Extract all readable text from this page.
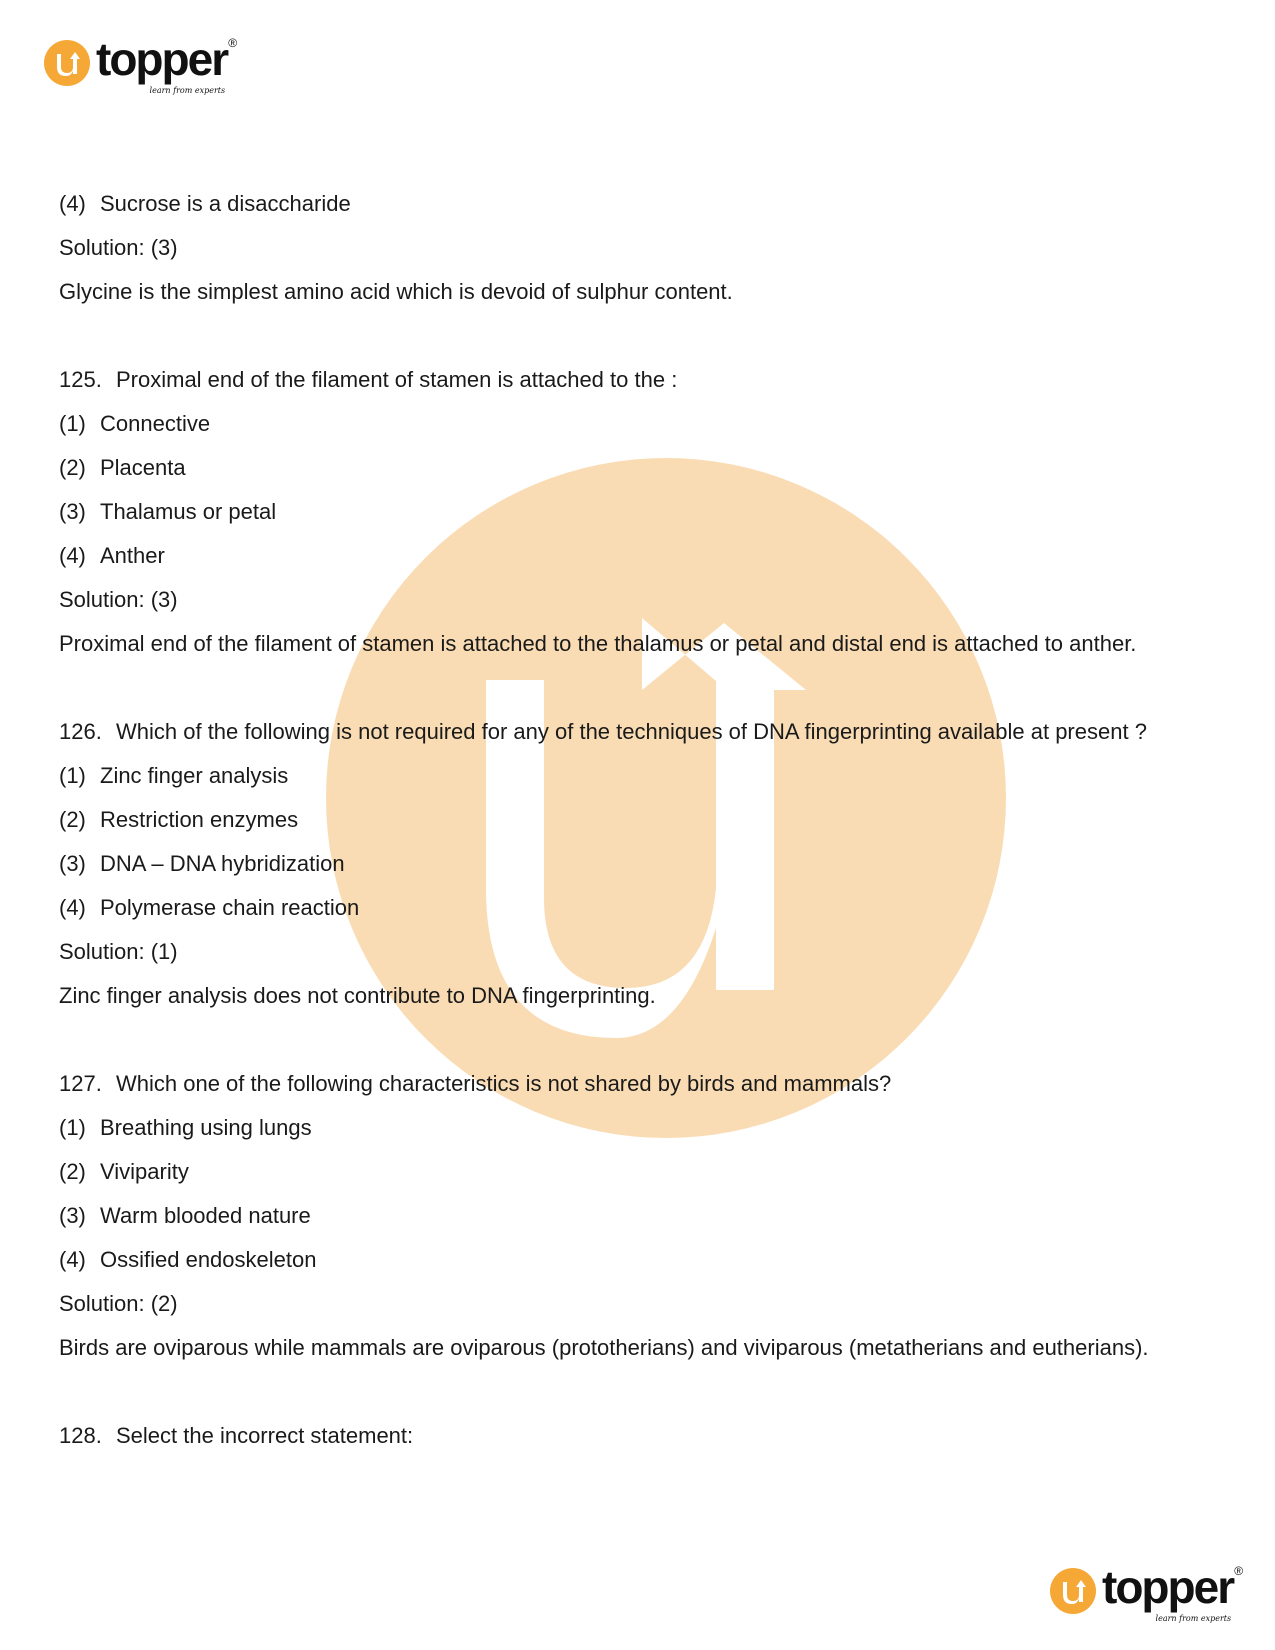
topper ®
learn from experts
topper ®
learn from experts
(4) Sucrose is a disaccharide
Solution: (3)
Glycine is the simplest amino acid which is devoid of sulphur content.
125. Proximal end of the filament of stamen is attached to the :
(1) Connective
(2) Placenta
(3) Thalamus or petal
(4) Anther
Solution: (3)
Proximal end of the filament of stamen is attached to the thalamus or petal and distal end is attached to anther.
126. Which of the following is not required for any of the techniques of DNA fingerprinting available at present ?
(1) Zinc finger analysis
(2) Restriction enzymes
(3) DNA – DNA hybridization
(4) Polymerase chain reaction
Solution: (1)
Zinc finger analysis does not contribute to DNA fingerprinting.
127. Which one of the following characteristics is not shared by birds and mammals?
(1) Breathing using lungs
(2) Viviparity
(3) Warm blooded nature
(4) Ossified endoskeleton
Solution: (2)
Birds are oviparous while mammals are oviparous (prototherians) and viviparous (metatherians and eutherians).
128. Select the incorrect statement:
